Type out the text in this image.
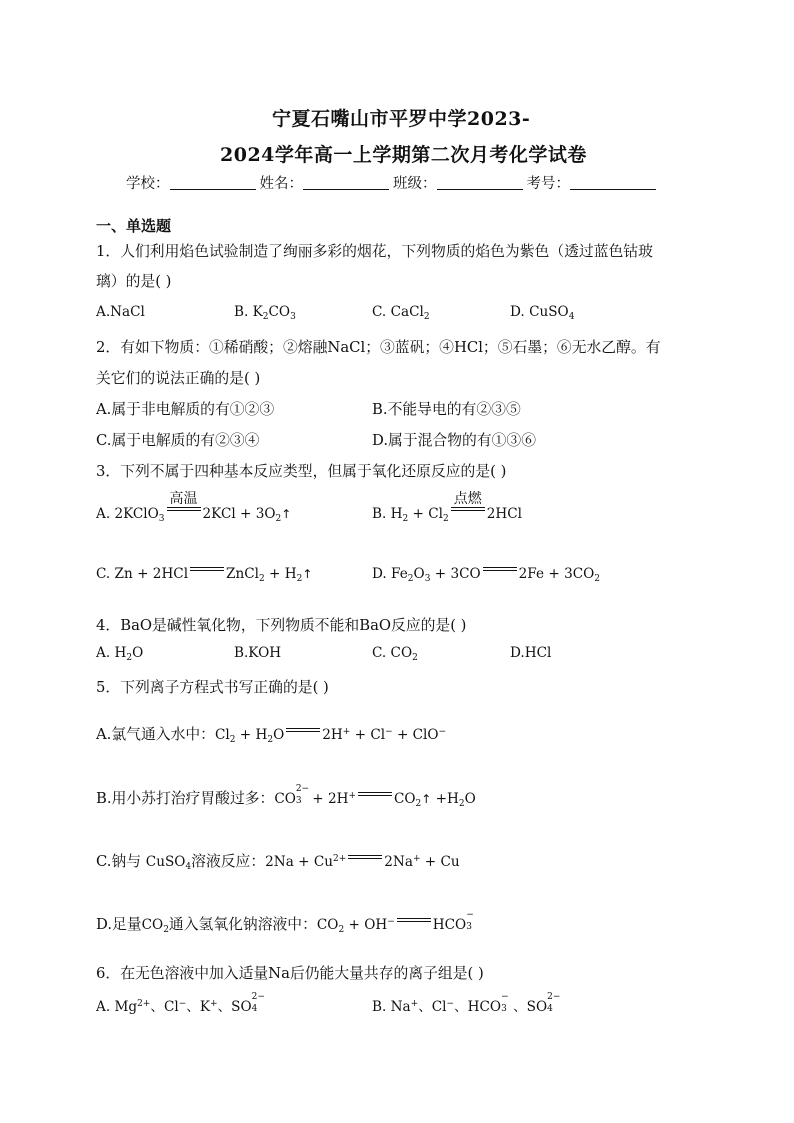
宁夏石嘴山市平罗中学2023-
2024学年高一上学期第二次月考化学试卷
学校：	姓名：	班级：	考号：
一、单选题
1．人们利用焰色试验制造了绚丽多彩的烟花，下列物质的焰色为紫色（透过蓝色钴玻
璃）的是( )
A.NaCl	B. $K_2CO_3$	C. CaCl$_2$	D. CuSO$_4$
2．有如下物质：①稀硝酸；②熔融NaCl；③蓝矾；④HCl；⑤石墨；⑥无水乙醇。有
关它们的说法正确的是( )
A.属于非电解质的有①②③	B.不能导电的有②③⑤
C.属于电解质的有②③④	D.属于混合物的有①③⑥
3．下列不属于四种基本反应类型，但属于氧化还原反应的是( )
A. 2KClO$_3$
高温
$2KCl + 3O_2↑$	B. $H_2 + Cl_2$
点燃
2HCl
C. Zn + 2HCl	ZnCl$_2$ + $H_2↑$	D. $Fe_2O_3 + 3CO$	$2Fe + 3CO_2$
4．BaO是碱性氧化物，下列物质不能和BaO反应的是( )
A. $H_2O$	B.KOH	C. $CO_2$	D.HCl
5．下列离子方程式书写正确的是( )
A.氯气通入水中：$Cl_2 + H_2O$	2H+ + Cl− + ClO−
B.用小苏打治疗胃酸过多：CO
2−
3 + 2H+	$CO_2↑ +H_2O$
C.钠与 CuSO$_4$溶液反应：$2Na + Cu^{2+}$	2Na+ + Cu
D.足量$CO_2$通入氢氧化钠溶液中：$CO_2 + OH^-$	HCO
−
3
6．在无色溶液中加入适量Na后仍能大量共存的离子组是( )
A. $Mg^{2+}$、Cl−、K+、SO
2−
4	B. Na+、Cl−、HCO
−
3 、SO
2−
4
